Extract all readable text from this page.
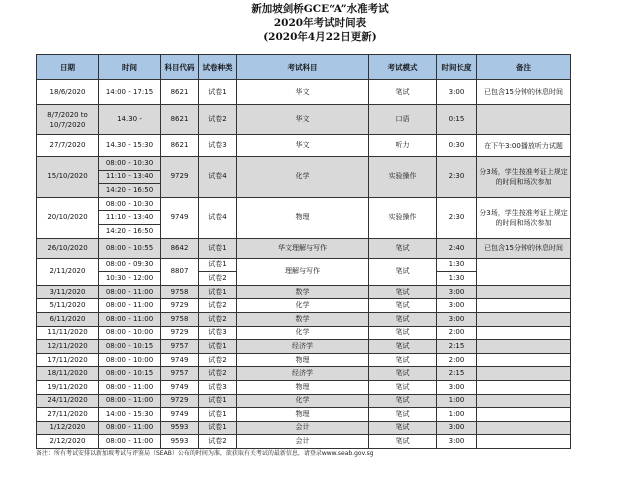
新加坡剑桥GCE“A”水准考试
2020年考试时间表
(2020年4月22日更新)
日期	时间	科目代码	试卷种类	考试科目	考试模式	时间长度	备注
18/6/2020	14:00 - 17:15	8621	试卷1	华文	笔试	3:00	已包含15分钟的休息时间
8/7/2020 to 10/7/2020	14.30 -	8621	试卷2	华文	口语	0:15	
27/7/2020	14.30 - 15:30	8621	试卷3	华文	听力	0:30	在下午3:00播放听力试题
15/10/2020	08:00 - 10:30	9729	试卷4	化学	实验操作	2:30	分3场，学生按准考证上规定的时间和场次参加
	11:10 - 13:40						
	14:20 - 16:50						
20/10/2020	08:00 - 10:30	9749	试卷4	物理	实验操作	2:30	分3场，学生按准考证上规定的时间和场次参加
	11:10 - 13:40						
	14:20 - 16:50						
26/10/2020	08:00 - 10:55	8642	试卷1	华文理解与写作	笔试	2:40	已包含15分钟的休息时间
2/11/2020	08:00 - 09:30	8807	试卷1	理解与写作	笔试	1:30	
	10:30 - 12:00		试卷2			1:30	
3/11/2020	08:00 - 11:00	9758	试卷1	数学	笔试	3:00	
5/11/2020	08:00 - 11:00	9729	试卷2	化学	笔试	3:00	
6/11/2020	08:00 - 11:00	9758	试卷2	数学	笔试	3:00	
11/11/2020	08:00 - 10:00	9729	试卷3	化学	笔试	2:00	
12/11/2020	08:00 - 10:15	9757	试卷1	经济学	笔试	2:15	
17/11/2020	08:00 - 10:00	9749	试卷2	物理	笔试	2:00	
18/11/2020	08:00 - 10:15	9757	试卷2	经济学	笔试	2:15	
19/11/2020	08:00 - 11:00	9749	试卷3	物理	笔试	3:00	
24/11/2020	08:00 - 11:00	9729	试卷1	化学	笔试	1:00	
27/11/2020	14:00 - 15:30	9749	试卷1	物理	笔试	1:00	
1/12/2020	08:00 - 11:00	9593	试卷1	会计	笔试	3:00	
2/12/2020	08:00 - 11:00	9593	试卷2	会计	笔试	3:00	
备注：所有考试安排以新加坡考试与评鉴局（SEAB）公布的时间为准，欲获取有关考试的最新信息，请登录www.seab.gov.sg
